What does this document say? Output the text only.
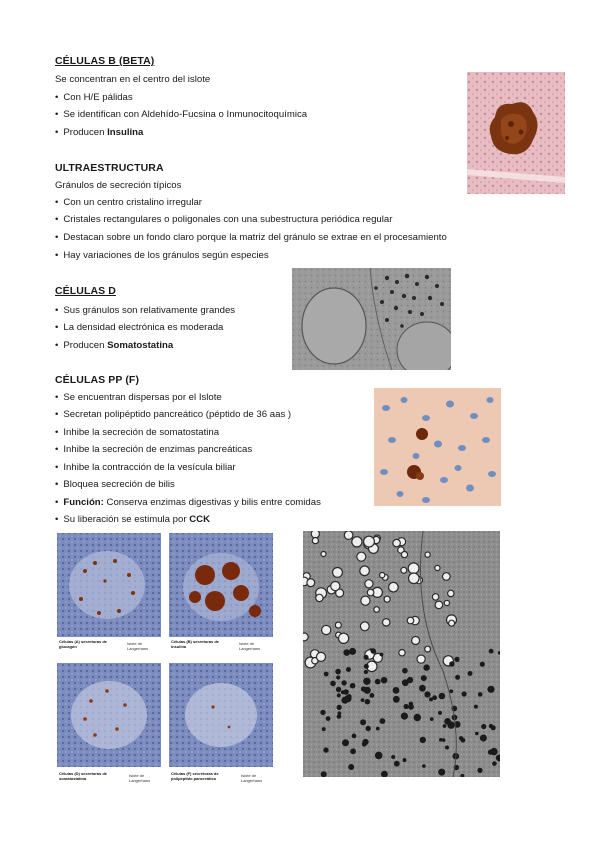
CÉLULAS B (BETA)
Se concentran en el centro del islote
• Con H/E pálidas
• Se identifican con Aldehído-Fucsina o Inmunocitoquímica
• Producen Insulina
ULTRAESTRUCTURA
Gránulos de secreción típicos
• Con un centro cristalino irregular
• Cristales rectangulares o poligonales con una subestructura periódica regular
• Destacan sobre un fondo claro porque la matriz del gránulo se extrae en el procesamiento
• Hay variaciones de los gránulos según especies
CÉLULAS D
• Sus gránulos son relativamente grandes
• La densidad electrónica es moderada
• Producen Somatostatina
CÉLULAS PP (F)
• Se encuentran dispersas por el Islote
• Secretan polipéptido pancreático (péptido de 36 aas )
• Inhibe la secreción de somatostatina
• Inhibe la secreción de enzimas pancreáticas
• Inhibe la contracción de la vesícula biliar
• Bloquea secreción de bilis
• Función: Conserva enzimas digestivas y bilis entre comidas
• Su liberación se estimula por CCK
Células (A) secretoras de glucagón
Islote de Langerhans
Células (B) secretoras de insulina
Islote de Langerhans
Células (D) secretoras de somatostatina
Islote de Langerhans
Células (F) secretoras de polipéptido pancreático
Islote de Langerhans
